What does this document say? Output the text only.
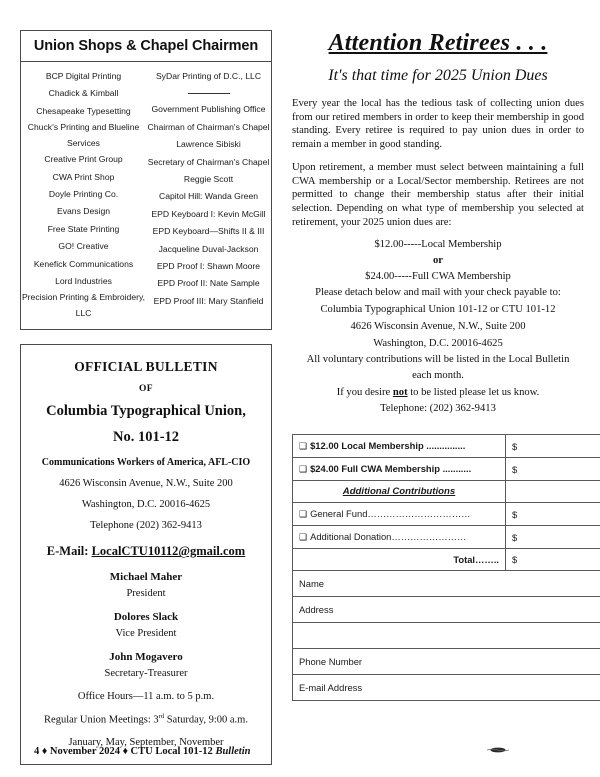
Union Shops & Chapel Chairmen
BCP Digital Printing
Chadick & Kimball
Chesapeake Typesetting
Chuck's Printing and Blueline Services
Creative Print Group
CWA Print Shop
Doyle Printing Co.
Evans Design
Free State Printing
GO! Creative
Kenefick Communications
Lord Industries
Precision Printing & Embroidery, LLC
SyDar Printing of D.C., LLC
Government Publishing Office
Chairman of Chairman's Chapel
Lawrence Sibiski
Secretary of Chairman's Chapel
Reggie Scott
Capitol Hill: Wanda Green
EPD Keyboard I: Kevin McGill
EPD Keyboard—Shifts II & III
Jacqueline Duval-Jackson
EPD Proof I: Shawn Moore
EPD Proof II: Nate Sample
EPD Proof III: Mary Stanfield
OFFICIAL BULLETIN
OF
Columbia Typographical Union,
No. 101-12
Communications Workers of America, AFL-CIO
4626 Wisconsin Avenue, N.W., Suite 200
Washington, D.C. 20016-4625
Telephone (202) 362-9413
E-Mail: LocalCTU10112@gmail.com
Michael Maher
President
Dolores Slack
Vice President
John Mogavero
Secretary-Treasurer
Office Hours—11 a.m. to 5 p.m.
Regular Union Meetings: 3rd Saturday, 9:00 a.m.
January, May, September, November
Attention Retirees . . .
It's that time for 2025 Union Dues

Every year the local has the tedious task of collecting union dues from our retired members in order to keep their membership in good standing. Every retiree is required to pay union dues in order to remain a member in good standing.

Upon retirement, a member must select between maintaining a full CWA membership or a Local/Sector membership. Retirees are not permitted to change their membership status after their initial selection. Depending on what type of membership you selected at retirement, your 2025 union dues are:

$12.00-----Local Membership
or
$24.00-----Full CWA Membership
Please detach below and mail with your check payable to:
Columbia Typographical Union 101-12 or CTU 101-12
4626 Wisconsin Avenue, N.W., Suite 200
Washington, D.C. 20016-4625
All voluntary contributions will be listed in the Local Bulletin
each month.
If you desire not to be listed please let us know.
Telephone: (202) 362-9413
❑ $12.00 Local Membership ...............	$
❑ $24.00 Full CWA Membership ...........	$
Additional Contributions	
❑ General Fund……………………………	$
❑ Additional Donation……………………	$
Total……..	$
Name	
Address	

Phone Number	
E-mail Address	
4 ♦ November 2024 ♦ CTU Local 101-12 Bulletin
